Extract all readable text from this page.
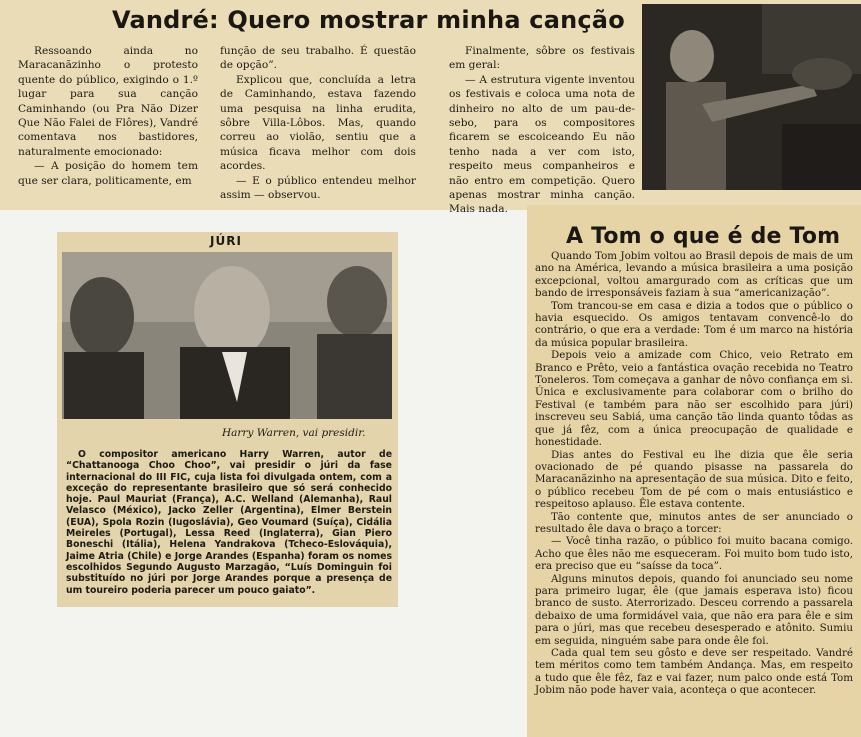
Vandré: Quero mostrar minha canção

Ressoando ainda no Maracanãzinho o protesto quente do público, exigindo o 1.º lugar para sua canção Caminhando (ou Pra Não Dizer Que Não Falei de Flôres), Vandré comentava nos bastidores, naturalmente emocionado:

— A posição do homem tem que ser clara, politicamente, em

função de seu trabalho. É questão de opção”.

Explicou que, concluída a letra de Caminhando, estava fazendo uma pesquisa na linha erudita, sôbre Villa-Lôbos. Mas, quando correu ao violão, sentiu que a música ficava melhor com dois acordes.

— E o público entendeu melhor assim — observou.

Finalmente, sôbre os festivais em geral:

— A estrutura vigente inventou os festivais e coloca uma nota de dinheiro no alto de um pau-de-sebo, para os compositores ficarem se escoiceando Eu não tenho nada a ver com isto, respeito meus companheiros e não entro em competição. Quero apenas mostrar minha canção. Mais nada.

JÚRI
Harry Warren, vai presidir.

O compositor americano Harry Warren, autor de “Chattanooga Choo Choo”, vai presidir o júri da fase internacional do III FIC, cuja lista foi divulgada ontem, com a exceção do representante brasileiro que só será conhecido hoje. Paul Mauriat (França), A.C. Welland (Alemanha), Raul Velasco (México), Jacko Zeller (Argentina), Elmer Berstein (EUA), Spola Rozin (Iugoslávia), Geo Voumard (Suíça), Cidália Meireles (Portugal), Lessa Reed (Inglaterra), Gian Piero Boneschi (Itália), Helena Yandrakova (Tcheco-Eslováquia), Jaime Atria (Chile) e Jorge Arandes (Espanha) foram os nomes escolhidos Segundo Augusto Marzagão, “Luís Dominguin foi substituído no júri por Jorge Arandes porque a presença de um toureiro poderia parecer um pouco gaiato”.

A Tom o que é de Tom

Quando Tom Jobim voltou ao Brasil depois de mais de um ano na América, levando a música brasileira a uma posição excepcional, voltou amargurado com as críticas que um bando de irresponsáveis faziam à sua “americanização”.

Tom trancou-se em casa e dizia a todos que o público o havia esquecido. Os amigos tentavam convencê-lo do contrário, o que era a verdade: Tom é um marco na história da música popular brasileira.

Depois veio a amizade com Chico, veio Retrato em Branco e Prêto, veio a fantástica ovação recebida no Teatro Toneleros. Tom começava a ganhar de nôvo confiança em si. Única e exclusivamente para colaborar com o brilho do Festival (e também para não ser escolhido para júri) inscreveu seu Sabiá, uma canção tão linda quanto tôdas as que já fêz, com a única preocupação de qualidade e honestidade.

Dias antes do Festival eu lhe dizia que êle seria ovacionado de pé quando pisasse na passarela do Maracanãzinho na apresentação de sua música. Dito e feito, o público recebeu Tom de pé com o mais entusiástico e respeitoso aplauso. Êle estava contente.

Tão contente que, minutos antes de ser anunciado o resultado êle dava o braço a torcer:

— Você tinha razão, o público foi muito bacana comigo. Acho que êles não me esqueceram. Foi muito bom tudo isto, era preciso que eu “saísse da toca”.

Alguns minutos depois, quando foi anunciado seu nome para primeiro lugar, êle (que jamais esperava isto) ficou branco de susto. Aterrorizado. Desceu correndo a passarela debaixo de uma formidável vaia, que não era para êle e sim para o júri, mas que recebeu desesperado e atônito. Sumiu em seguida, ninguém sabe para onde êle foi.

Cada qual tem seu gôsto e deve ser respeitado. Vandré tem méritos como tem também Andança. Mas, em respeito a tudo que êle fêz, faz e vai fazer, num palco onde está Tom Jobim não pode haver vaia, aconteça o que acontecer.
